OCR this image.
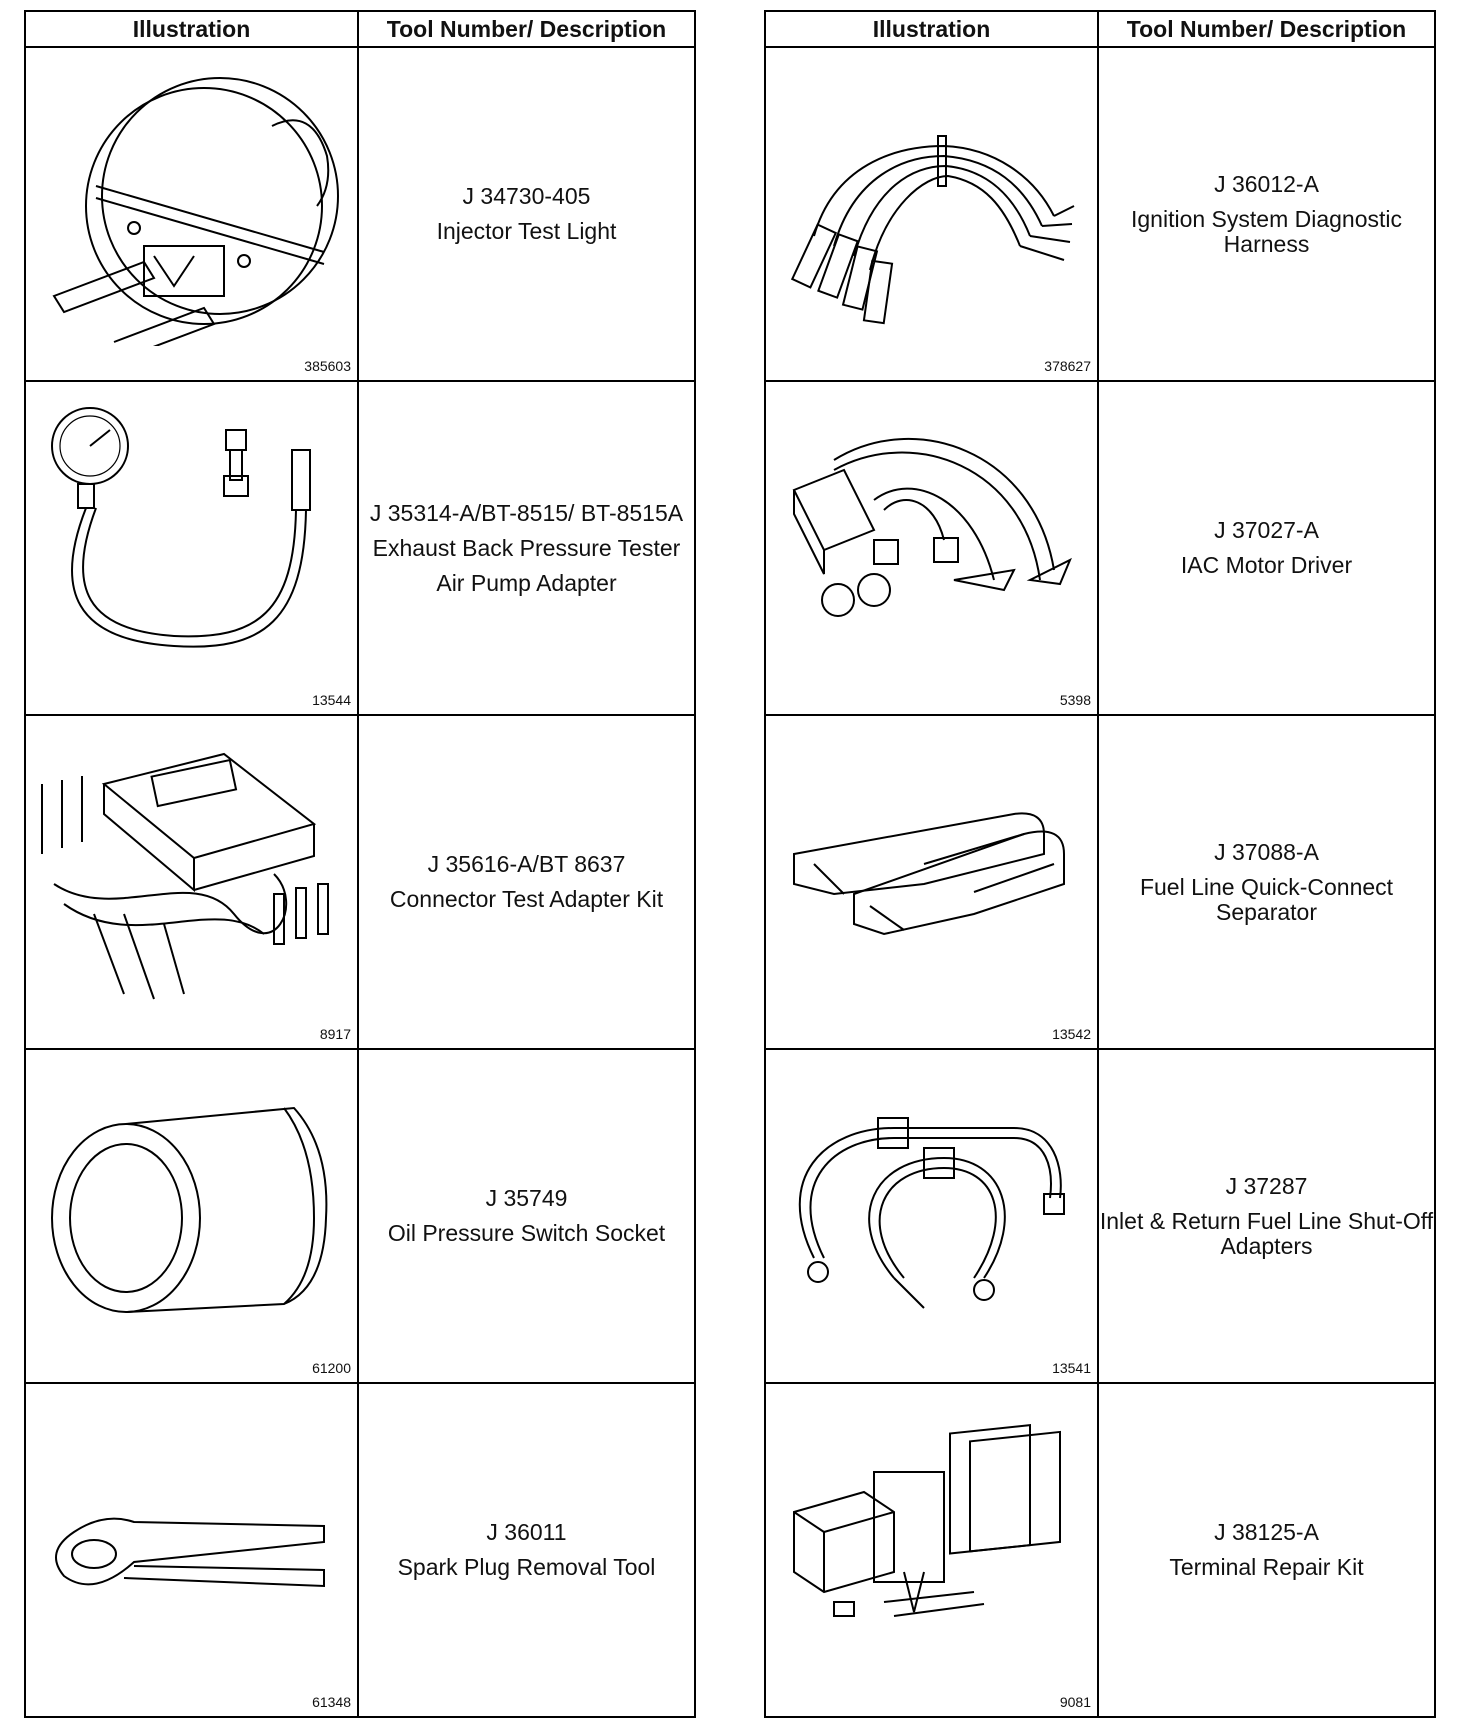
Illustration	Tool Number/ Description

385603	J 34730-405
Injector Test Light

13544	J 35314-A/BT-8515/ BT-8515A
Exhaust Back Pressure Tester
Air Pump Adapter

8917	J 35616-A/BT 8637
Connector Test Adapter Kit

61200	J 35749
Oil Pressure Switch Socket

61348	J 36011
Spark Plug Removal Tool
Illustration	Tool Number/ Description

378627	J 36012-A
Ignition System Diagnostic Harness

5398	J 37027-A
IAC Motor Driver

13542	J 37088-A
Fuel Line Quick-Connect Separator

13541	J 37287
Inlet & Return Fuel Line Shut-Off Adapters

9081	J 38125-A
Terminal Repair Kit
